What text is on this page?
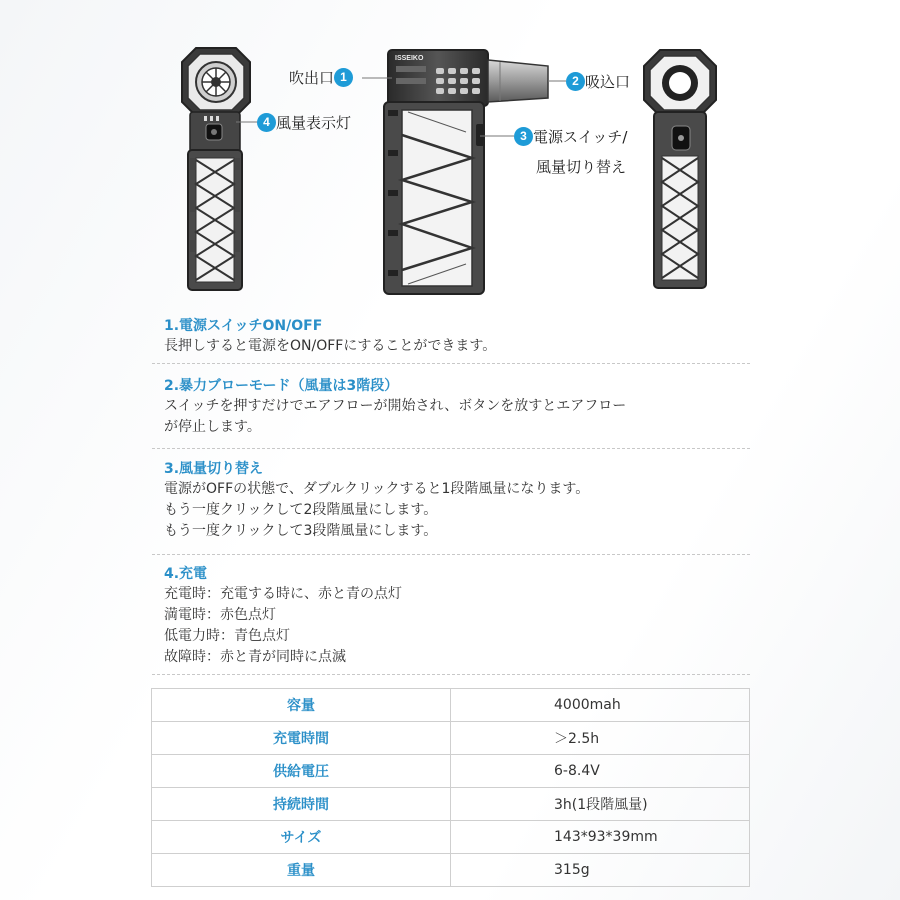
ISSEIKO
吹出口 1	2 吸込口
3 電源スイッチ/
風量切り替え
4 風量表示灯
1.電源スイッチON/OFF

長押しすると電源をON/OFFにすることができます。

2.暴力ブローモード（風量は3階段）

スイッチを押すだけでエアフローが開始され、ボタンを放すとエアフロー

が停止します。

3.風量切り替え

電源がOFFの状態で、ダブルクリックすると1段階風量になります。

もう一度クリックして2段階風量にします。

もう一度クリックして3段階風量にします。

4.充電

充電時：充電する時に、赤と青の点灯

満電時：赤色点灯

低電力時：青色点灯

故障時：赤と青が同時に点滅

容量	4000mah
充電時間	＞2.5h
供給電圧	6-8.4V
持続時間	3h(1段階風量)
サイズ	143*93*39mm
重量	315g
